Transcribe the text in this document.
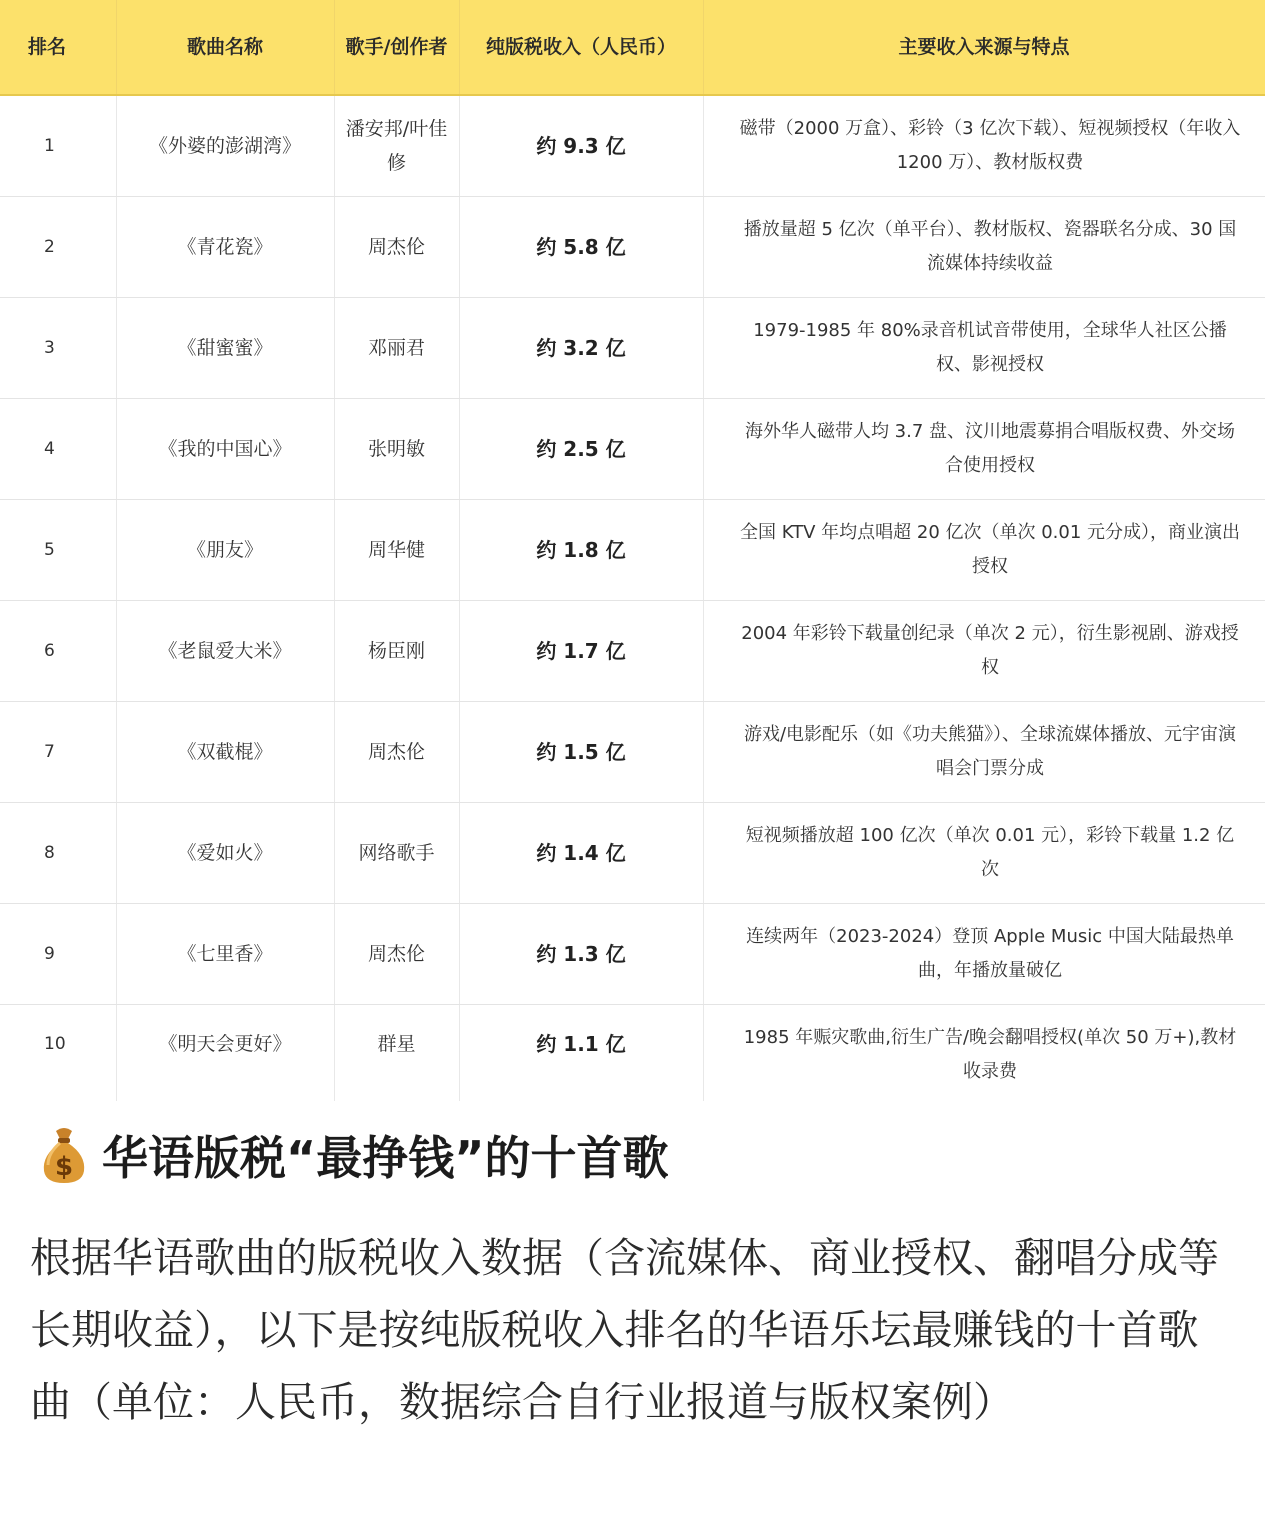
排名	歌曲名称	歌手/创作者	纯版税收入（人民币）	主要收入来源与特点
1	《外婆的澎湖湾》	潘安邦/叶佳修	约 9.3 亿	磁带（2000 万盒）、彩铃（3 亿次下载）、短视频授权（年收入 1200 万）、教材版权费
2	《青花瓷》	周杰伦	约 5.8 亿	播放量超 5 亿次（单平台）、教材版权、瓷器联名分成、30 国流媒体持续收益
3	《甜蜜蜜》	邓丽君	约 3.2 亿	1979-1985 年 80%录音机试音带使用，全球华人社区公播权、影视授权
4	《我的中国心》	张明敏	约 2.5 亿	海外华人磁带人均 3.7 盘、汶川地震募捐合唱版权费、外交场合使用授权
5	《朋友》	周华健	约 1.8 亿	全国 KTV 年均点唱超 20 亿次（单次 0.01 元分成），商业演出授权
6	《老鼠爱大米》	杨臣刚	约 1.7 亿	2004 年彩铃下载量创纪录（单次 2 元），衍生影视剧、游戏授权
7	《双截棍》	周杰伦	约 1.5 亿	游戏/电影配乐（如《功夫熊猫》）、全球流媒体播放、元宇宙演唱会门票分成
8	《爱如火》	网络歌手	约 1.4 亿	短视频播放超 100 亿次（单次 0.01 元），彩铃下载量 1.2 亿次
9	《七里香》	周杰伦	约 1.3 亿	连续两年（2023-2024）登顶 Apple Music 中国大陆最热单曲，年播放量破亿
10	《明天会更好》	群星	约 1.1 亿	1985 年赈灾歌曲,衍生广告/晚会翻唱授权(单次 50 万+),教材收录费
$ 华语版税“最挣钱”的十首歌

根据华语歌曲的版税收入数据（含流媒体、商业授权、翻唱分成等长期收益），以下是按纯版税收入排名的华语乐坛最赚钱的十首歌曲（单位：人民币，数据综合自行业报道与版权案例）
